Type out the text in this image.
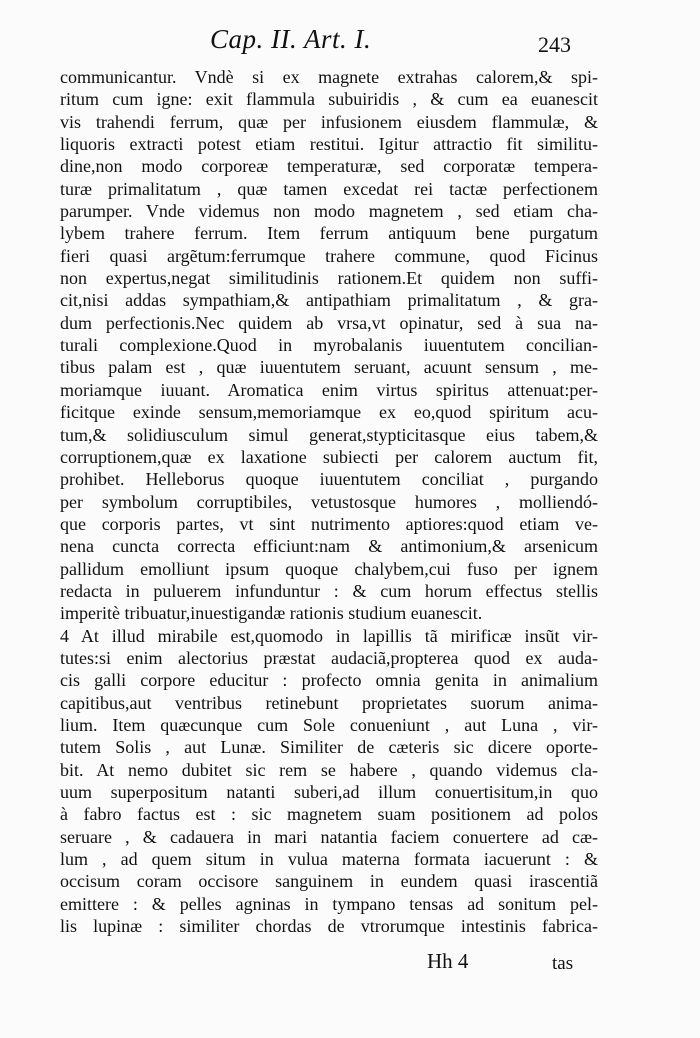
Cap. II. Art. I.	243
communicantur. Vndè si ex magnete extrahas calorem,& spi-
ritum cum igne: exit flammula subuiridis , & cum ea euanescit
vis trahendi ferrum, quæ per infusionem eiusdem flammulæ, &
liquoris extracti potest etiam restitui. Igitur attractio fit similitu-
dine,non modo corporeæ temperaturæ, sed corporatæ tempera-
turæ primalitatum , quæ tamen excedat rei tactæ perfectionem
parumper. Vnde videmus non modo magnetem , sed etiam cha-
lybem trahere ferrum. Item ferrum antiquum bene purgatum
fieri quasi argẽtum:ferrumque trahere commune, quod Ficinus
non expertus,negat similitudinis rationem.Et quidem non suffi-
cit,nisi addas sympathiam,& antipathiam primalitatum , & gra-
dum perfectionis.Nec quidem ab vrsa,vt opinatur, sed à sua na-
turali complexione.Quod in myrobalanis iuuentutem concilian-
tibus palam est , quæ iuuentutem seruant, acuunt sensum , me-
moriamque iuuant. Aromatica enim virtus spiritus attenuat:per-
ficitque exinde sensum,memoriamque ex eo,quod spiritum acu-
tum,& solidiusculum simul generat,stypticitasque eius tabem,&
corruptionem,quæ ex laxatione subiecti per calorem auctum fit,
prohibet. Helleborus quoque iuuentutem conciliat , purgando
per symbolum corruptibiles, vetustosque humores , molliendó-
que corporis partes, vt sint nutrimento aptiores:quod etiam ve-
nena cuncta correcta efficiunt:nam & antimonium,& arsenicum
pallidum emolliunt ipsum quoque chalybem,cui fuso per ignem
redacta in puluerem infunduntur : & cum horum effectus stellis
imperitè tribuatur,inuestigandæ rationis studium euanescit.
4 At illud mirabile est,quomodo in lapillis tã mirificæ insũt vir-
tutes:si enim alectorius præstat audaciã,propterea quod ex auda-
cis galli corpore educitur : profecto omnia genita in animalium
capitibus,aut ventribus retinebunt proprietates suorum anima-
lium. Item quæcunque cum Sole conueniunt , aut Luna , vir-
tutem Solis , aut Lunæ. Similiter de cæteris sic dicere oporte-
bit. At nemo dubitet sic rem se habere , quando videmus cla-
uum superpositum natanti suberi,ad illum conuertisitum,in quo
à fabro factus est : sic magnetem suam positionem ad polos
seruare , & cadauera in mari natantia faciem conuertere ad cæ-
lum , ad quem situm in vulua materna formata iacuerunt : &
occisum coram occisore sanguinem in eundem quasi irascentiã
emittere : & pelles agninas in tympano tensas ad sonitum pel-
lis lupinæ : similiter chordas de vtrorumque intestinis fabrica-
Hh 4	tas
